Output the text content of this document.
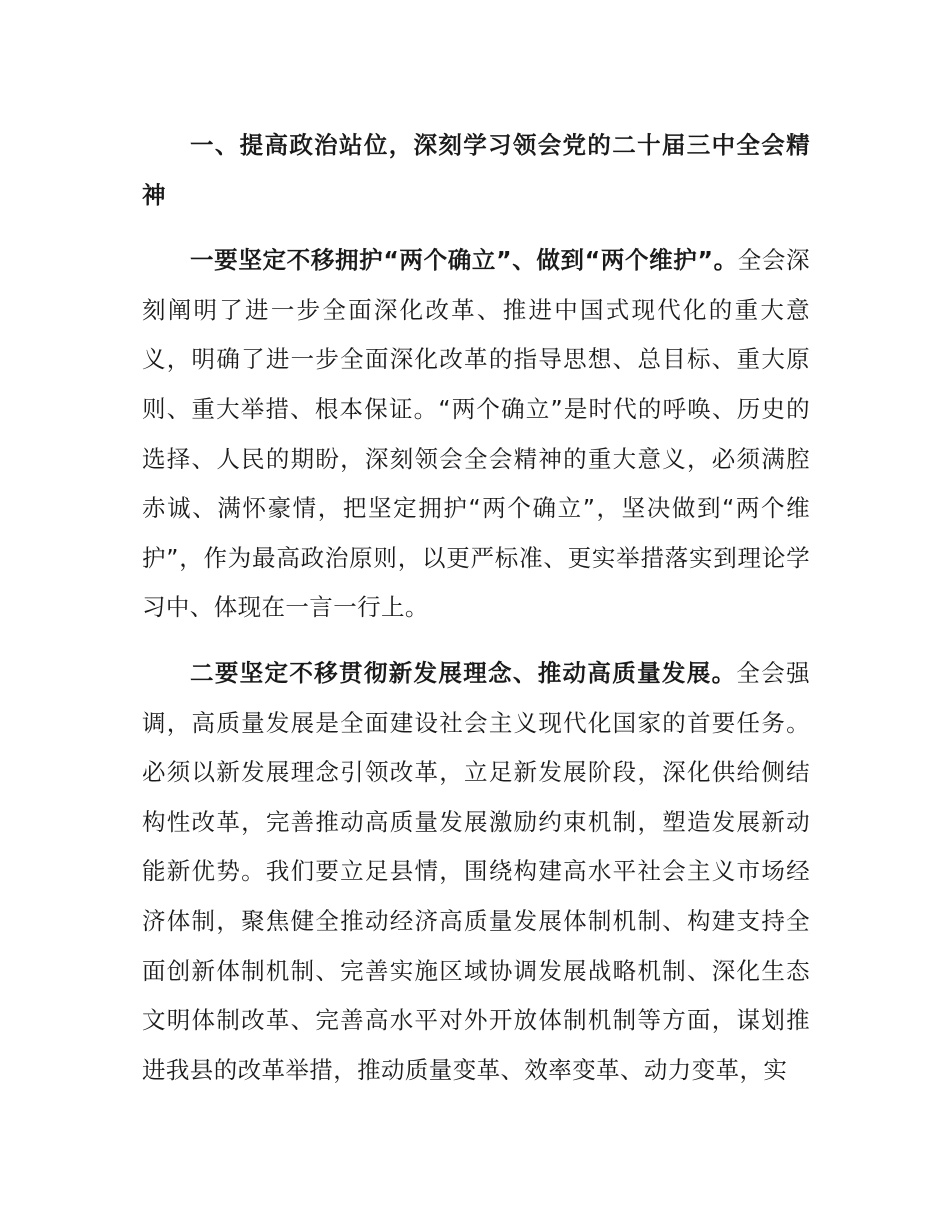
一、提高政治站位，深刻学习领会党的二十届三中全会精神

一要坚定不移拥护“两个确立”、做到“两个维护”。全会深刻阐明了进一步全面深化改革、推进中国式现代化的重大意义，明确了进一步全面深化改革的指导思想、总目标、重大原则、重大举措、根本保证。“两个确立”是时代的呼唤、历史的选择、人民的期盼，深刻领会全会精神的重大意义，必须满腔赤诚、满怀豪情，把坚定拥护“两个确立”，坚决做到“两个维护”，作为最高政治原则，以更严标准、更实举措落实到理论学习中、体现在一言一行上。

二要坚定不移贯彻新发展理念、推动高质量发展。全会强调，高质量发展是全面建设社会主义现代化国家的首要任务。必须以新发展理念引领改革，立足新发展阶段，深化供给侧结构性改革，完善推动高质量发展激励约束机制，塑造发展新动能新优势。我们要立足县情，围绕构建高水平社会主义市场经济体制，聚焦健全推动经济高质量发展体制机制、构建支持全面创新体制机制、完善实施区域协调发展战略机制、深化生态文明体制改革、完善高水平对外开放体制机制等方面，谋划推进我县的改革举措，推动质量变革、效率变革、动力变革，实
